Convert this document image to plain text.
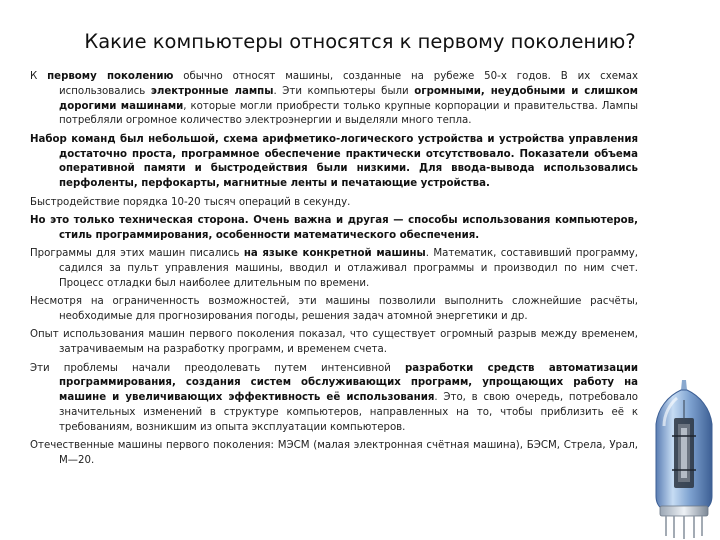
Какие компьютеры относятся к первому поколению?

К первому поколению обычно относят машины, созданные на рубеже 50-х годов. В их схемах использовались электронные лампы. Эти компьютеры были огромными, неудобными и слишком дорогими машинами, которые могли приобрести только крупные корпорации и правительства. Лампы потребляли огромное количество электроэнергии и выделяли много тепла.

Набор команд был небольшой, схема арифметико-логического устройства и устройства управления достаточно проста, программное обеспечение практически отсутствовало. Показатели объема оперативной памяти и быстродействия были низкими. Для ввода-вывода использовались перфоленты, перфокарты, магнитные ленты и печатающие устройства.

Быстродействие порядка 10-20 тысяч операций в секунду.

Но это только техническая сторона. Очень важна и другая — способы использования компьютеров, стиль программирования, особенности математического обеспечения.

Программы для этих машин писались на языке конкретной машины. Математик, составивший программу, садился за пульт управления машины, вводил и отлаживал программы и производил по ним счет. Процесс отладки был наиболее длительным по времени.

Несмотря на ограниченность возможностей, эти машины позволили выполнить сложнейшие расчёты, необходимые для прогнозирования погоды, решения задач атомной энергетики и др.

Опыт использования машин первого поколения показал, что существует огромный разрыв между временем, затрачиваемым на разработку программ, и временем счета.

Эти проблемы начали преодолевать путем интенсивной разработки средств автоматизации программирования, создания систем обслуживающих программ, упрощающих работу на машине и увеличивающих эффективность её использования. Это, в свою очередь, потребовало значительных изменений в структуре компьютеров, направленных на то, чтобы приблизить её к требованиям, возникшим из опыта эксплуатации компьютеров.

Отечественные машины первого поколения: МЭСМ (малая электронная счётная машина), БЭСМ, Стрела, Урал, М—20.
